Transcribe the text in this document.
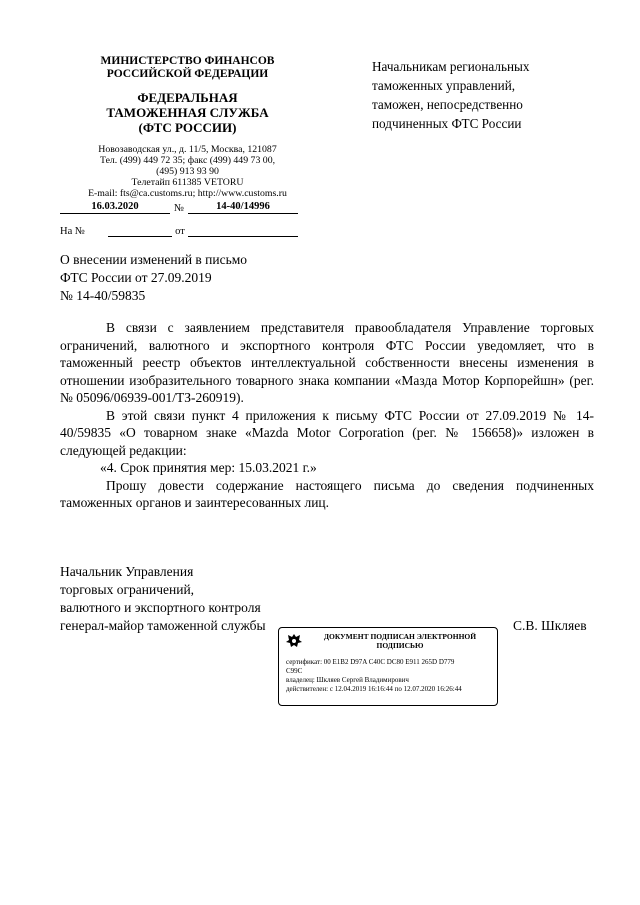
МИНИСТЕРСТВО ФИНАНСОВ
РОССИЙСКОЙ ФЕДЕРАЦИИ
ФЕДЕРАЛЬНАЯ
ТАМОЖЕННАЯ СЛУЖБА
(ФТС РОССИИ)
Новозаводская ул., д. 11/5, Москва, 121087
Тел. (499) 449 72 35; факс (499) 449 73 00,
(495) 913 93 90
Телетайп 611385 VETORU
E-mail: fts@ca.customs.ru; http://www.customs.ru
16.03.2020	№	14-40/14996
На №	от
Начальникам региональных
таможенных управлений,
таможен, непосредственно
подчиненных ФТС России
О внесении изменений в письмо
ФТС России от 27.09.2019
№ 14-40/59835

В связи с заявлением представителя правообладателя Управление торговых ограничений, валютного и экспортного контроля ФТС России уведомляет, что в таможенный реестр объектов интеллектуальной собственности внесены изменения в отношении изобразительного товарного знака компании «Мазда Мотор Корпорейшн» (рег. № 05096/06939-001/ТЗ-260919).

В этой связи пункт 4 приложения к письму ФТС России от 27.09.2019 № 14-40/59835 «О товарном знаке «Mazda Motor Corporation (рег. № 156658)» изложен в следующей редакции:

«4. Срок принятия мер: 15.03.2021 г.»

Прошу довести содержание настоящего письма до сведения подчиненных таможенных органов и заинтересованных лиц.

Начальник Управления
торговых ограничений,
валютного и экспортного контроля
генерал-майор таможенной службы	С.В. Шкляев
ДОКУМЕНТ ПОДПИСАН ЭЛЕКТРОННОЙ
ПОДПИСЬЮ
сертификат: 00 E1B2 D97A C40C DC80 E911 265D D779
C99C
владелец: Шкляев Сергей Владимирович
действителен: с 12.04.2019 16:16:44 по 12.07.2020 16:26:44
